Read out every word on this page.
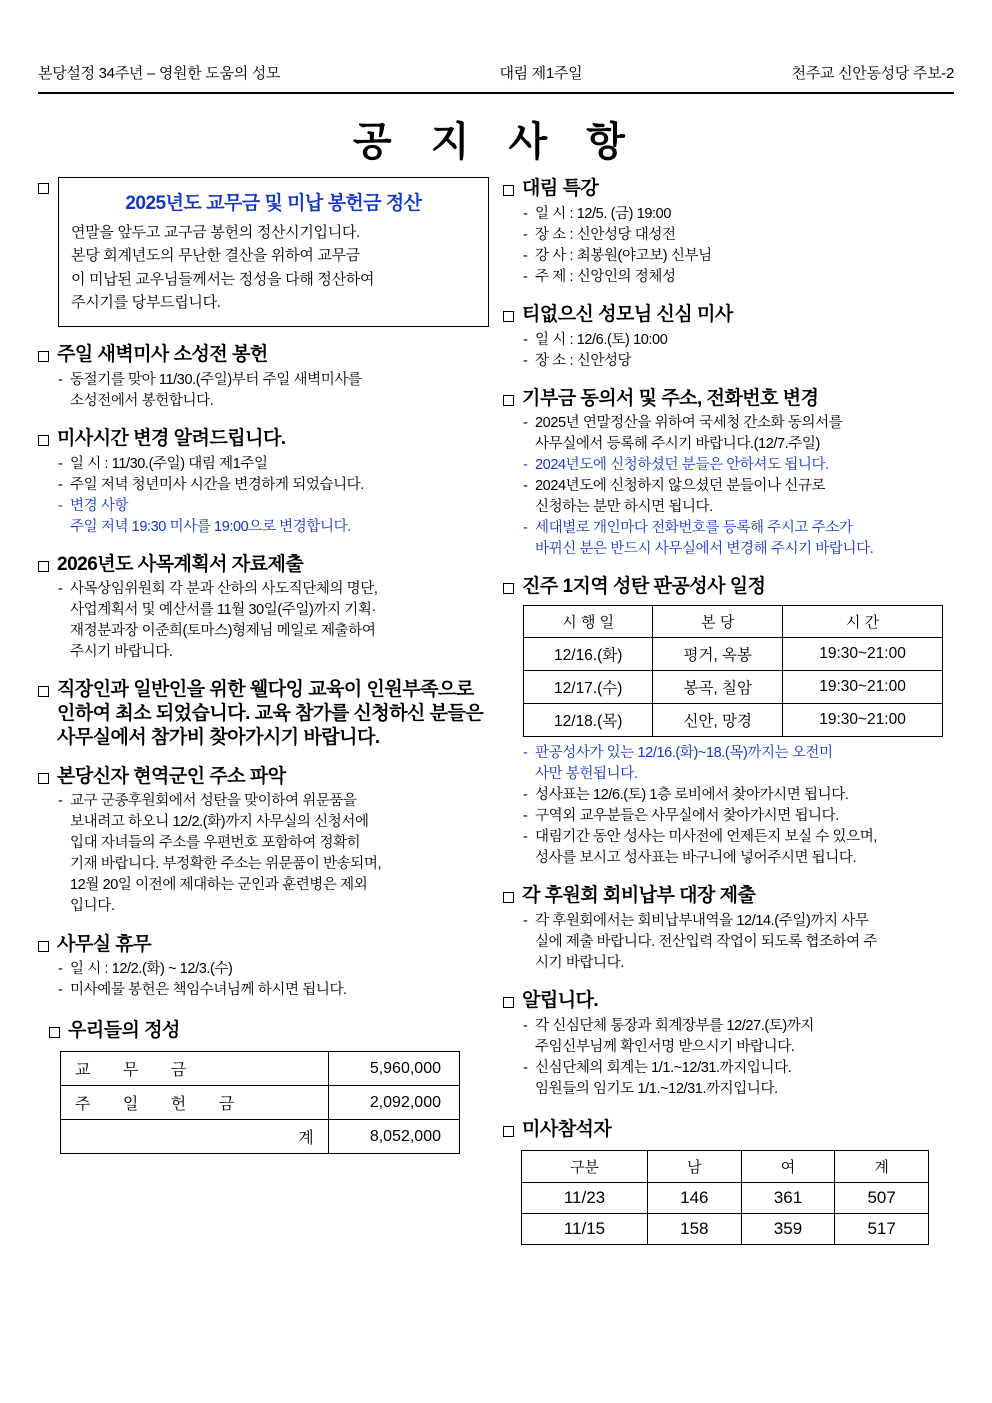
본당설정 34주년 – 영원한 도움의 성모	대림 제1주일	천주교 신안동성당 주보-2
공 지 사 항
2025년도 교무금 및 미납 봉헌금 정산
연말을 앞두고 교구금 봉헌의 정산시기입니다.
본당 회계년도의 무난한 결산을 위하여 교무금
이 미납된 교우님들께서는 정성을 다해 정산하여
주시기를 당부드립니다.
주일 새벽미사 소성전 봉헌
- 동절기를 맞아 11/30.(주일)부터 주일 새벽미사를
소성전에서 봉헌합니다.
미사시간 변경 알려드립니다.
- 일 시 : 11/30.(주일) 대림 제1주일
- 주일 저녁 청년미사 시간을 변경하게 되었습니다.
- 변경 사항
주일 저녁 19:30 미사를 19:00으로 변경합니다.
2026년도 사목계획서 자료제출
- 사목상임위원회 각 분과 산하의 사도직단체의 명단,
사업계획서 및 예산서를 11월 30일(주일)까지 기획·
재정분과장 이준희(토마스)형제님 메일로 제출하여
주시기 바랍니다.
직장인과 일반인을 위한 웰다잉 교육이 인원부족으로 인하여 최소 되었습니다. 교육 참가를 신청하신 분들은 사무실에서 참가비 찾아가시기 바랍니다.
본당신자 현역군인 주소 파악
- 교구 군종후원회에서 성탄을 맞이하여 위문품을
보내려고 하오니 12/2.(화)까지 사무실의 신청서에
입대 자녀들의 주소를 우편번호 포함하여 정확히
기재 바랍니다. 부정확한 주소는 위문품이 반송되며,
12월 20일 이전에 제대하는 군인과 훈련병은 제외
입니다.
사무실 휴무
- 일 시 : 12/2.(화) ~ 12/3.(수)
- 미사예물 봉헌은 책임수녀님께 하시면 됩니다.
우리들의 정성
교 무 금	5,960,000
주 일 헌 금	2,092,000
계	8,052,000
대림 특강
- 일 시 : 12/5. (금) 19:00
- 장 소 : 신안성당 대성전
- 강 사 : 최봉원(야고보) 신부님
- 주 제 : 신앙인의 정체성
티없으신 성모님 신심 미사
- 일 시 : 12/6.(토) 10:00
- 장 소 : 신안성당
기부금 동의서 및 주소, 전화번호 변경
- 2025년 연말정산을 위하여 국세청 간소화 동의서를
사무실에서 등록해 주시기 바랍니다.(12/7.주일)
- 2024년도에 신청하셨던 분들은 안하셔도 됩니다.
- 2024년도에 신청하지 않으셨던 분들이나 신규로
신청하는 분만 하시면 됩니다.
- 세대별로 개인마다 전화번호를 등록해 주시고 주소가
바뀌신 분은 반드시 사무실에서 변경해 주시기 바랍니다.
진주 1지역 성탄 판공성사 일정
시 행 일	본 당	시 간
12/16.(화)	평거, 옥봉	19:30~21:00
12/17.(수)	봉곡, 칠암	19:30~21:00
12/18.(목)	신안, 망경	19:30~21:00
- 판공성사가 있는 12/16.(화)~18.(목)까지는 오전미
사만 봉헌됩니다.
- 성사표는 12/6.(토) 1층 로비에서 찾아가시면 됩니다.
- 구역외 교우분들은 사무실에서 찾아가시면 됩니다.
- 대림기간 동안 성사는 미사전에 언제든지 보실 수 있으며,
성사를 보시고 성사표는 바구니에 넣어주시면 됩니다.
각 후원회 회비납부 대장 제출
- 각 후원회에서는 회비납부내역을 12/14.(주일)까지 사무
실에 제출 바랍니다. 전산입력 작업이 되도록 협조하여 주
시기 바랍니다.
알립니다.
- 각 신심단체 통장과 회계장부를 12/27.(토)까지
주임신부님께 확인서명 받으시기 바랍니다.
- 신심단체의 회계는 1/1.~12/31.까지입니다.
임원들의 임기도 1/1.~12/31.까지입니다.
미사참석자
구분	남	여	계
11/23	146	361	507
11/15	158	359	517
